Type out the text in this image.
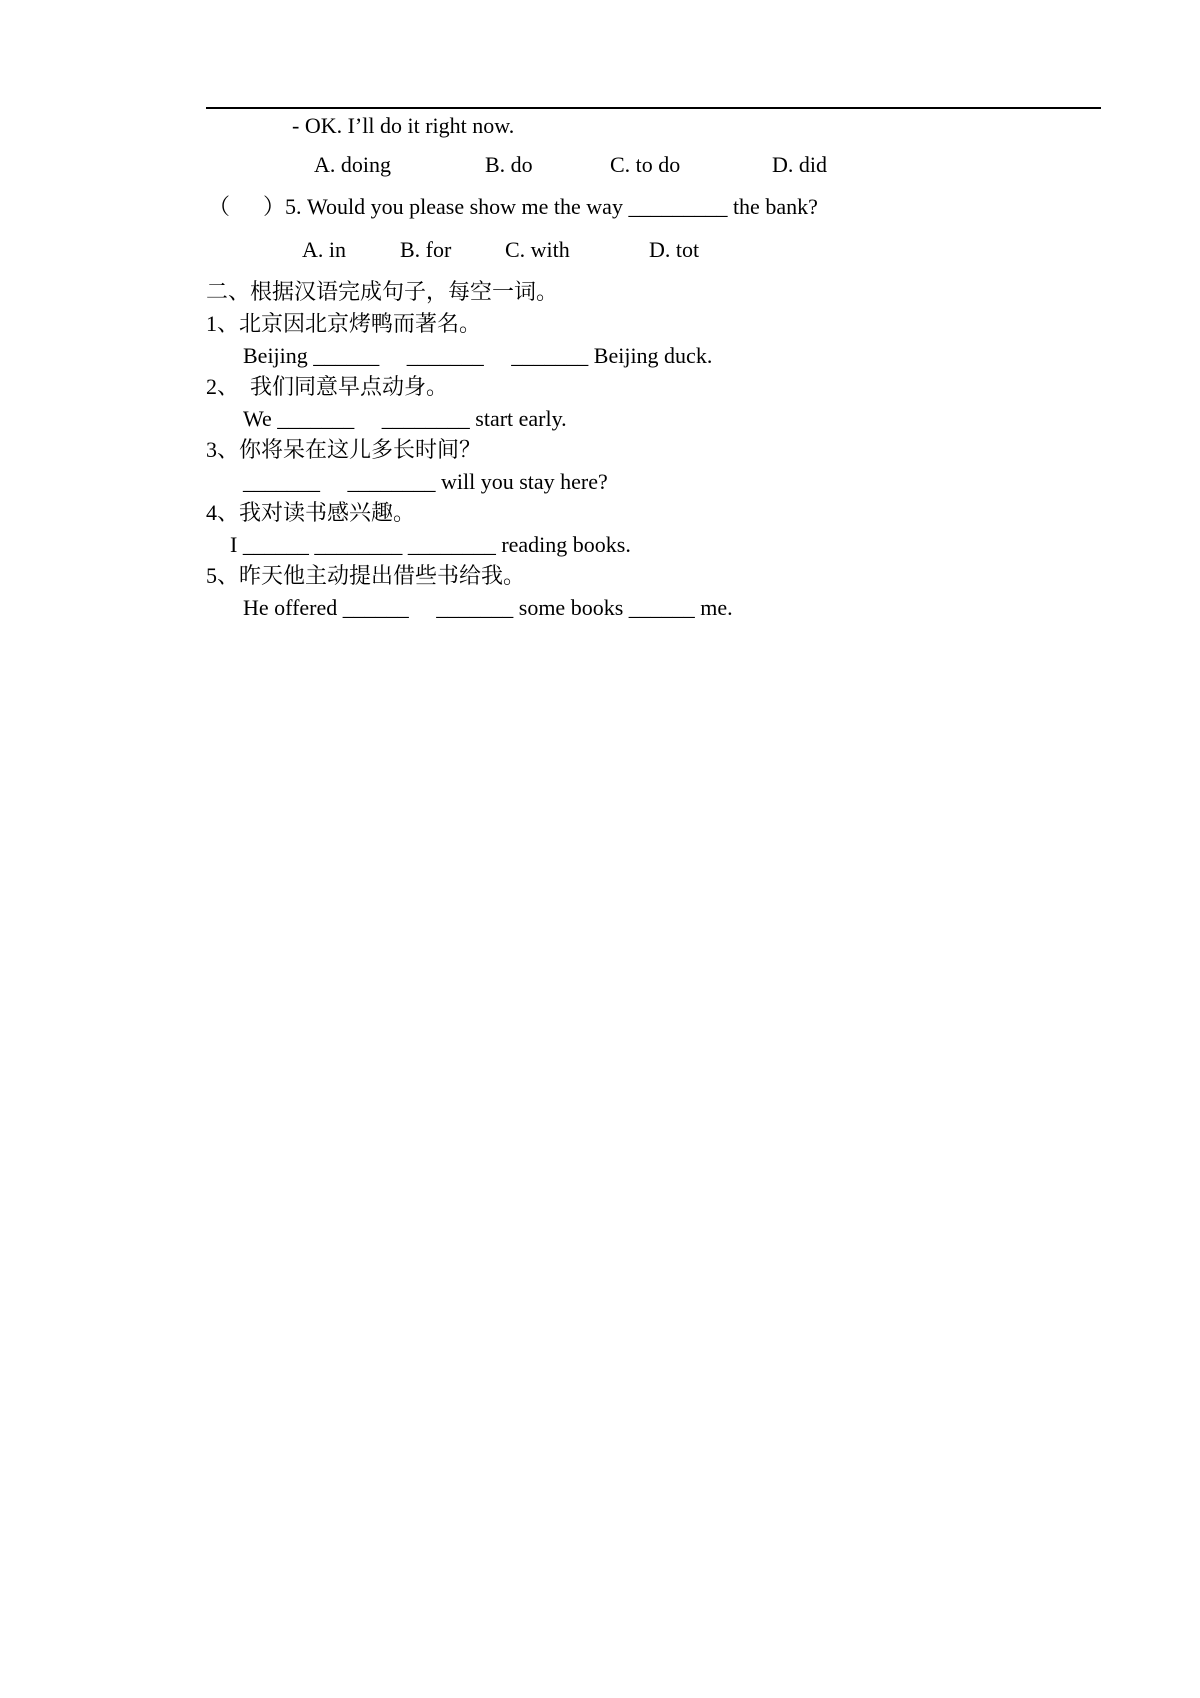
- OK. I’ll do it right now.
A. doing	B. do	C. to do	D. did
（      ）5. Would you please show me the way _________ the bank?
A. in B. for C. with	D. tot
二、根据汉语完成句子，每空一词。
1、北京因北京烤鸭而著名。
Beijing ______     _______     _______ Beijing duck.
2、  我们同意早点动身。
We _______     ________ start early.
3、你将呆在这儿多长时间？
_______     ________ will you stay here?
4、我对读书感兴趣。
I ______ ________ ________ reading books.
5、昨天他主动提出借些书给我。
He offered ______     _______ some books ______ me.
